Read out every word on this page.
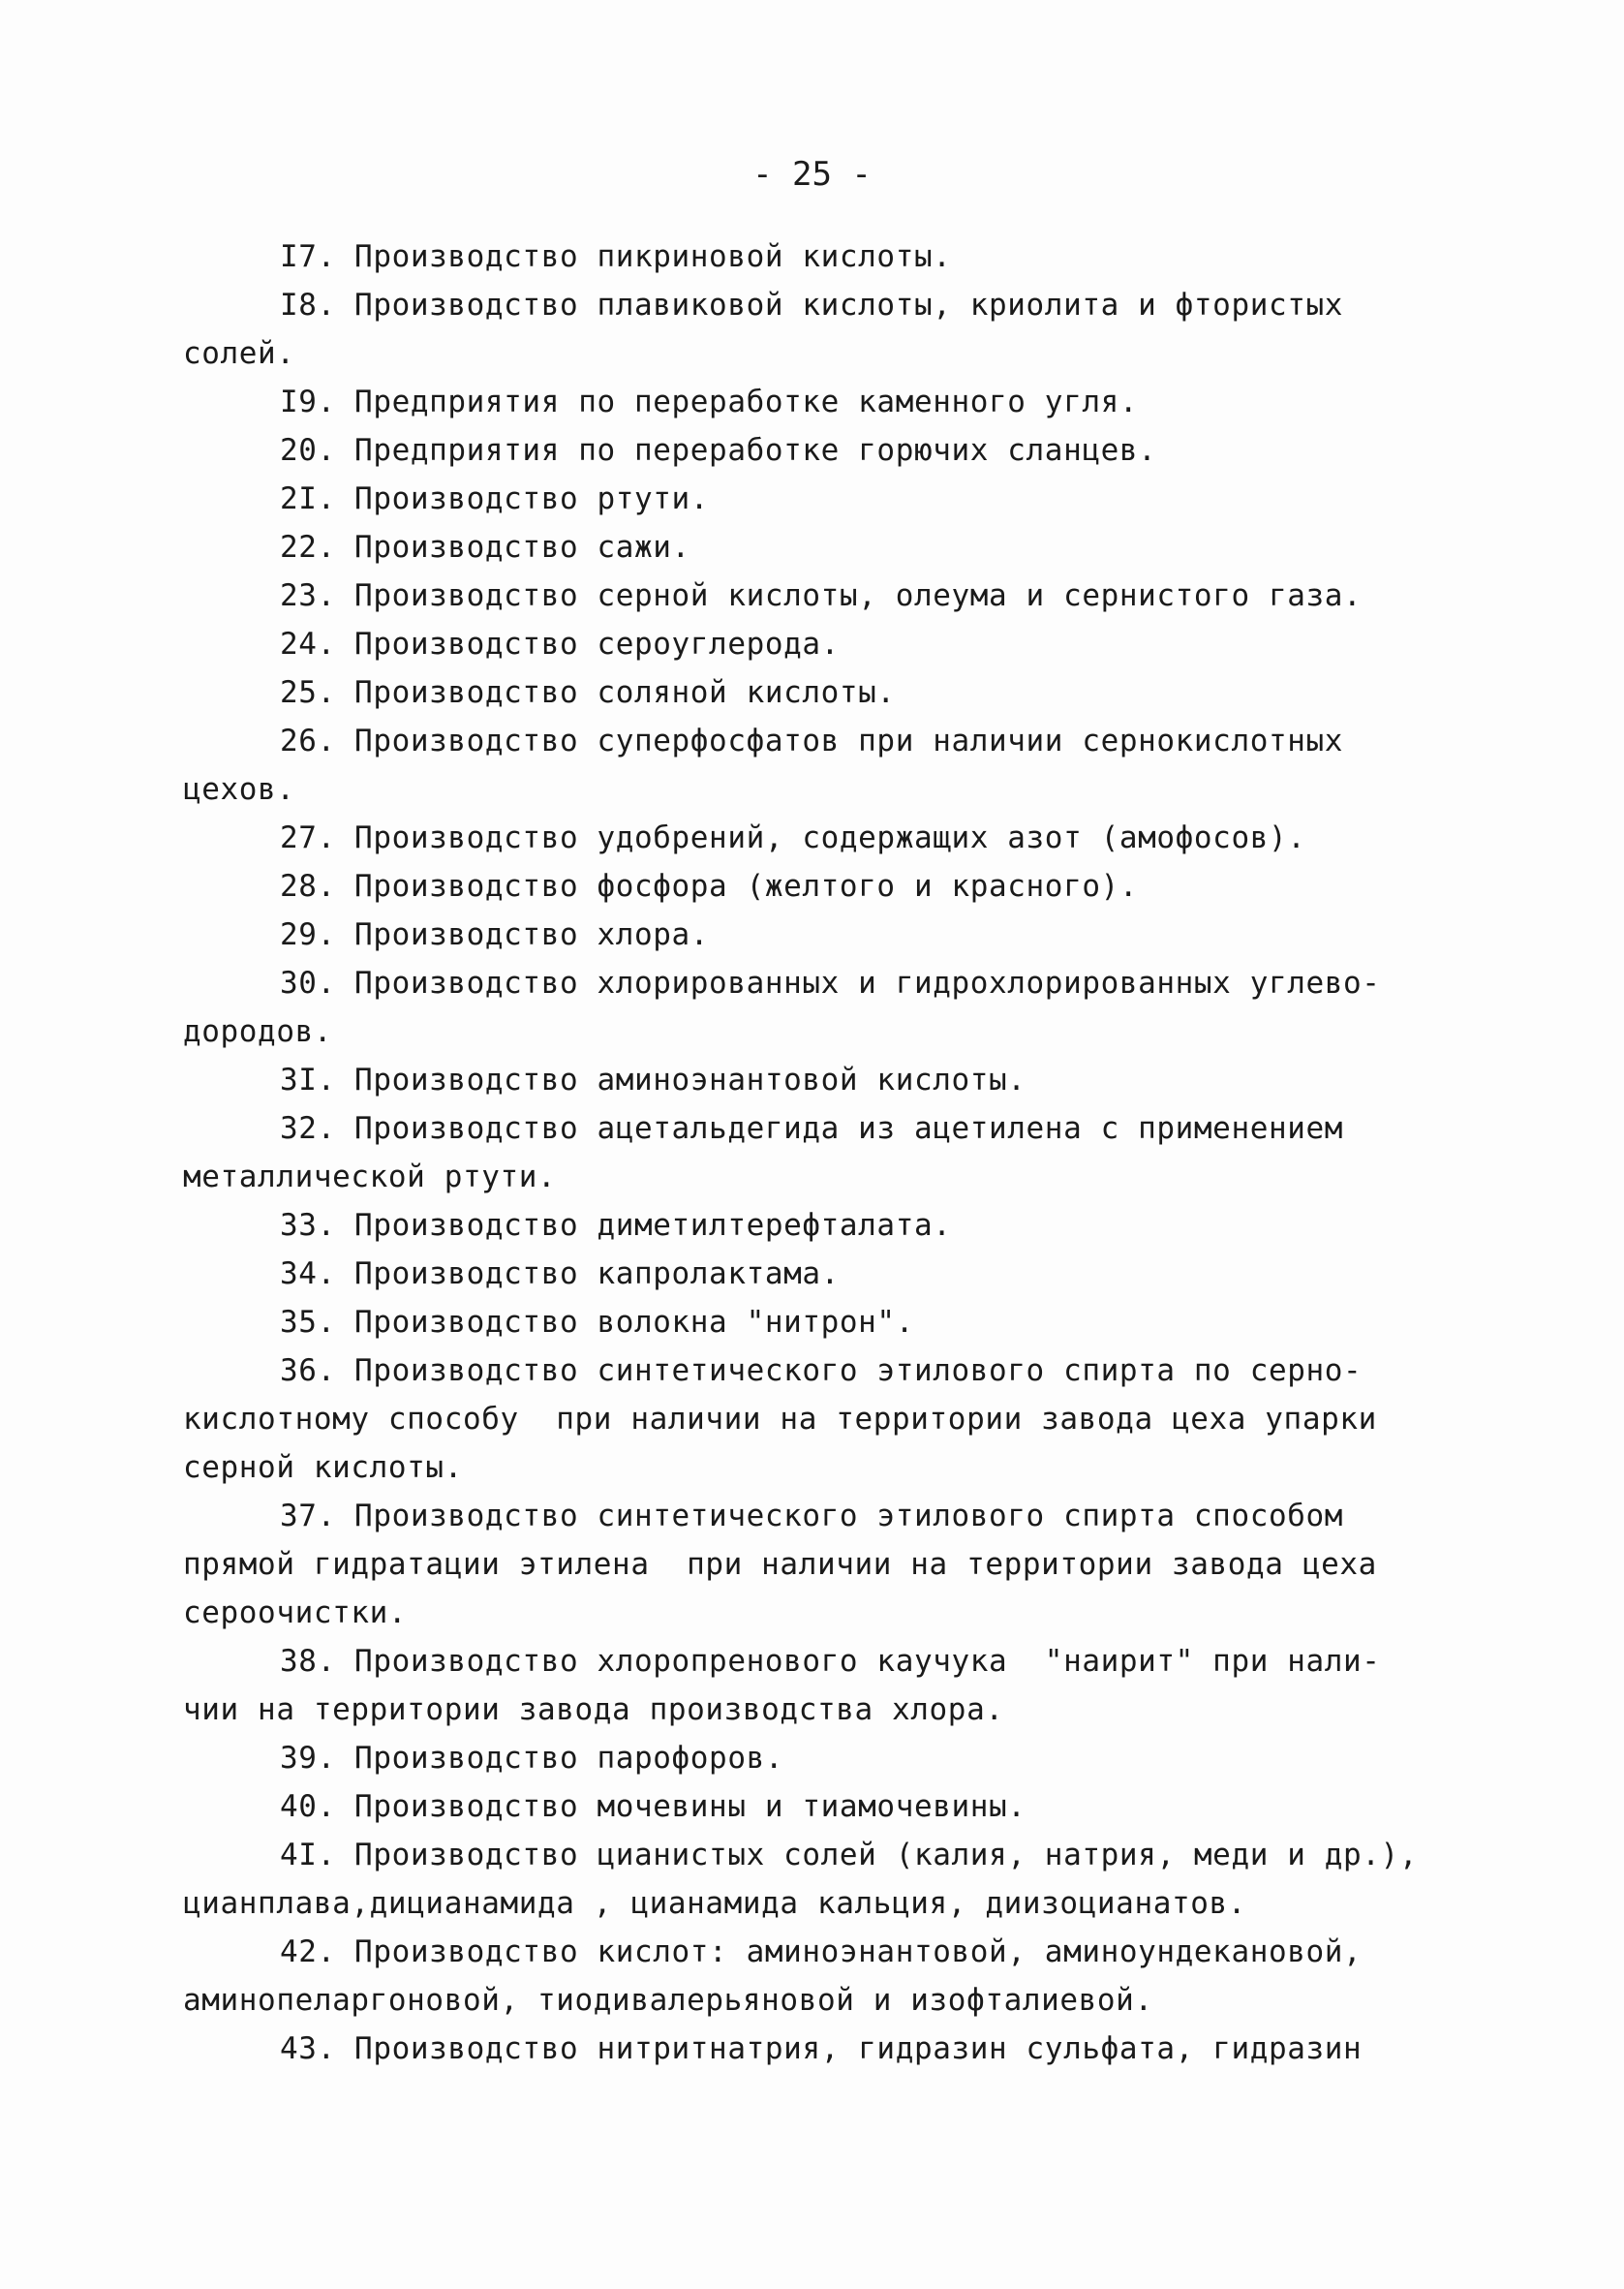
- 25 -
I7. Производство пикриновой кислоты.
I8. Производство плавиковой кислоты, криолита и фтористых
солей.
I9. Предприятия по переработке каменного угля.
20. Предприятия по переработке горючих сланцев.
2I. Производство ртути.
22. Производство сажи.
23. Производство серной кислоты, олеума и сернистого газа.
24. Производство сероуглерода.
25. Производство соляной кислоты.
26. Производство суперфосфатов при наличии сернокислотных
цехов.
27. Производство удобрений, содержащих азот (амофосов).
28. Производство фосфора (желтого и красного).
29. Производство хлора.
30. Производство хлорированных и гидрохлорированных углево-
дородов.
3I. Производство аминоэнантовой кислоты.
32. Производство ацетальдегида из ацетилена с применением
металлической ртути.
33. Производство диметилтерефталата.
34. Производство капролактама.
35. Производство волокна "нитрон".
36. Производство синтетического этилового спирта по серно-
кислотному способу  при наличии на территории завода цеха упарки
серной кислоты.
37. Производство синтетического этилового спирта способом
прямой гидратации этилена  при наличии на территории завода цеха
сероочистки.
38. Производство хлоропренового каучука  "наирит" при нали-
чии на территории завода производства хлора.
39. Производство парофоров.
40. Производство мочевины и тиамочевины.
4I. Производство цианистых солей (калия, натрия, меди и др.),
цианплава,дицианамида , цианамида кальция, диизоцианатов.
42. Производство кислот: аминоэнантовой, аминоундекановой,
аминопеларгоновой, тиодивалерьяновой и изофталиевой.
43. Производство нитритнатрия, гидразин сульфата, гидразин
